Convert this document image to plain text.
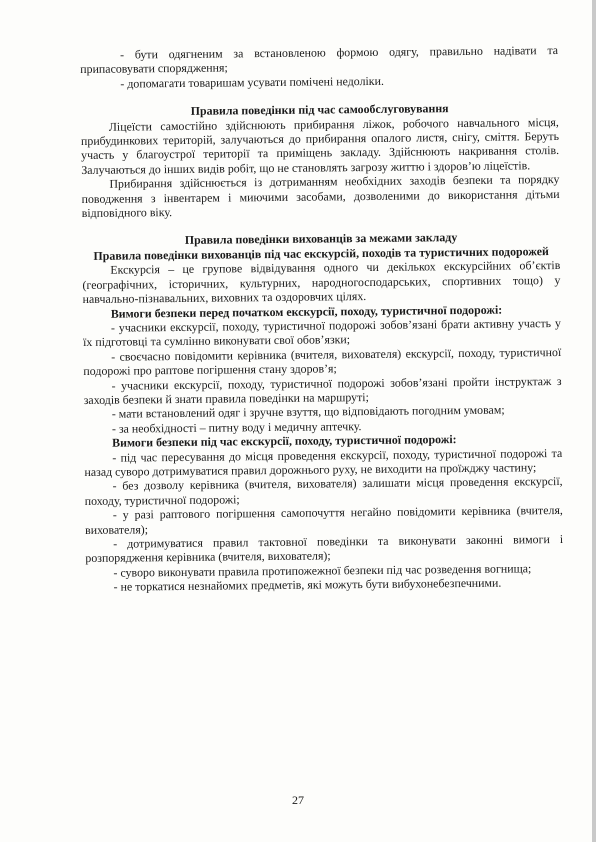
- бути одягненим за встановленою формою одягу, правильно надівати та припасовувати спорядження;

- допомагати товаришам усувати помічені недоліки.

Правила поведінки під час самообслуговування

Ліцеїсти самостійно здійснюють прибирання ліжок, робочого навчального місця, прибудинкових територій, залучаються до прибирання опалого листя, снігу, сміття. Беруть участь у благоустрої території та приміщень закладу. Здійснюють накривання столів. Залучаються до інших видів робіт, що не становлять загрозу життю і здоров’ю ліцеїстів.

Прибирання здійснюється із дотриманням необхідних заходів безпеки та порядку поводження з інвентарем і миючими засобами, дозволеними до використання дітьми відповідного віку.

Правила поведінки вихованців за межами закладу

Правила поведінки вихованців під час екскурсій, походів та туристичних подорожей

Екскурсія – це групове відвідування одного чи декількох екскурсійних об’єктів (географічних, історичних, культурних, народногосподарських, спортивних тощо) у навчально-пізнавальних, виховних та оздоровчих цілях.

Вимоги безпеки перед початком екскурсії, походу, туристичної подорожі:

- учасники екскурсії, походу, туристичної подорожі зобов’язані брати активну участь у їх підготовці та сумлінно виконувати свої обов’язки;

- своєчасно повідомити керівника (вчителя, вихователя) екскурсії, походу, туристичної подорожі про раптове погіршення стану здоров’я;

- учасники екскурсії, походу, туристичної подорожі зобов’язані пройти інструктаж з заходів безпеки й знати правила поведінки на маршруті;

- мати встановлений одяг і зручне взуття, що відповідають погодним умовам;

- за необхідності – питну воду і медичну аптечку.

Вимоги безпеки під час екскурсії, походу, туристичної подорожі:

- під час пересування до місця проведення екскурсії, походу, туристичної подорожі та назад суворо дотримуватися правил дорожнього руху, не виходити на проїжджу частину;

- без дозволу керівника (вчителя, вихователя) залишати місця проведення екскурсії, походу, туристичної подорожі;

- у разі раптового погіршення самопочуття негайно повідомити керівника (вчителя, вихователя);

- дотримуватися правил тактовної поведінки та виконувати законні вимоги і розпорядження керівника (вчителя, вихователя);

- суворо виконувати правила протипожежної безпеки під час розведення вогнища;

- не торкатися незнайомих предметів, які можуть бути вибухонебезпечними.

27
